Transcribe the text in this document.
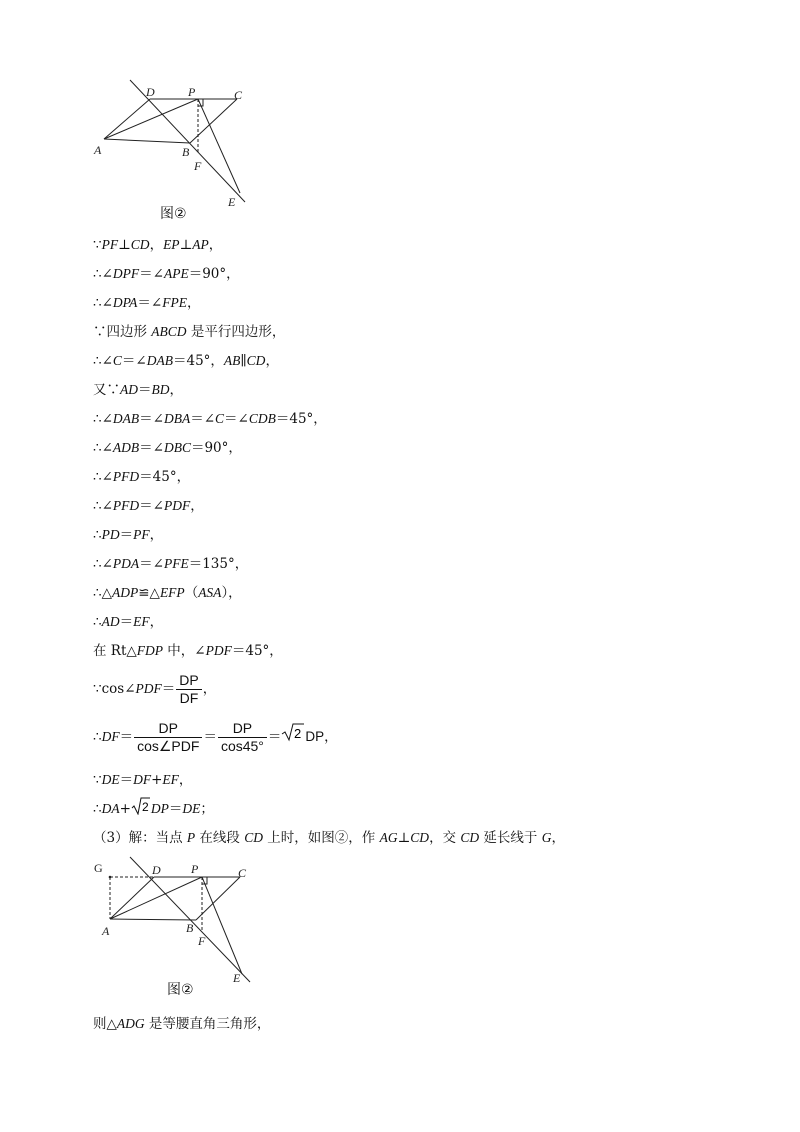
A	B
C
D	P
F
E
图②
∵PF⊥CD，EP⊥AP，
∴∠DPF＝∠APE＝90°，
∴∠DPA＝∠FPE，
∵四边形 ABCD 是平行四边形，
∴∠C＝∠DAB＝45°，AB∥CD，
又∵AD＝BD，
∴∠DAB＝∠DBA＝∠C＝∠CDB＝45°，
∴∠ADB＝∠DBC＝90°，
∴∠PFD＝45°，
∴∠PFD＝∠PDF，
∴PD＝PF，
∴∠PDA＝∠PFE＝135°，
∴△ADP≌△EFP（ASA），
∴AD＝EF，
在 Rt△FDP 中，∠PDF＝45°，
∵cos∠PDF＝ $\frac{DP}{DF}$ ，
∴DF＝ $\frac{DP}{\text{cos∠PDF}} = \frac{DP}{\cos 45^\circ} = 2$ DP，
∵DE＝DF+EF，
∴DA+ 2 DP＝DE；
（3）解：当点 P 在线段 CD 上时，如图②，作 AG⊥CD，交 CD 延长线于 G，
G
A	B
C
D	P
F
E
图②
则△ADG 是等腰直角三角形，
